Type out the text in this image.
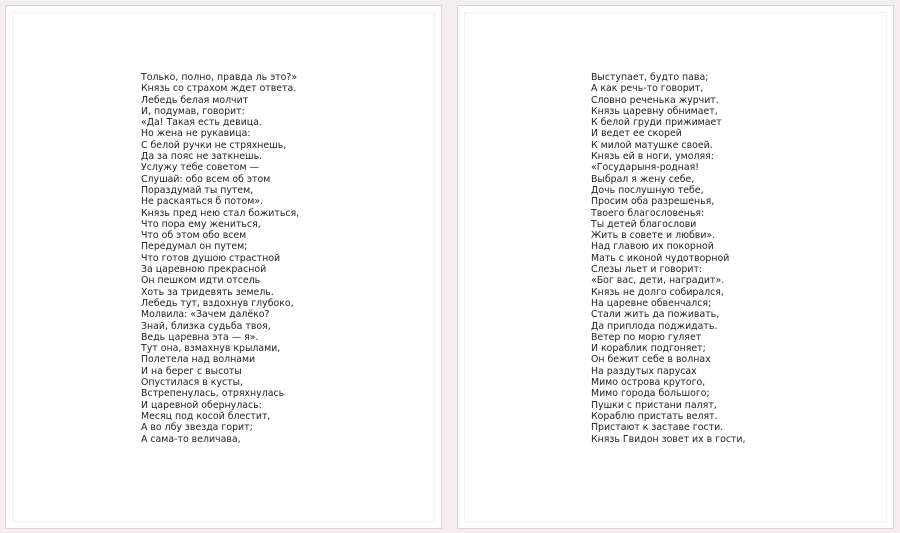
Только, полно, правда ль это?»
Князь со страхом ждет ответа.
Лебедь белая молчит
И, подумав, говорит:
«Да! Такая есть девица.
Но жена не рукавица:
С белой ручки не стряхнешь,
Да за пояс не заткнешь.
Услужу тебе советом —
Слушай: обо всем об этом
Пораздумай ты путем,
Не раскаяться б потом».
Князь пред нею стал божиться,
Что пора ему жениться,
Что об этом обо всем
Передумал он путем;
Что готов душою страстной
За царевною прекрасной
Он пешком идти отсель
Хоть за тридевять земель.
Лебедь тут, вздохнув глубоко,
Молвила: «Зачем далёко?
Знай, близка судьба твоя,
Ведь царевна эта — я».
Тут она, взмахнув крылами,
Полетела над волнами
И на берег с высоты
Опустилася в кусты,
Встрепенулась, отряхнулась
И царевной обернулась:
Месяц под косой блестит,
А во лбу звезда горит;
А сама-то величава,
Выступает, будто пава;
А как речь-то говорит,
Словно реченька журчит.
Князь царевну обнимает,
К белой груди прижимает
И ведет ее скорей
К милой матушке своей.
Князь ей в ноги, умоляя:
«Государыня-родная!
Выбрал я жену себе,
Дочь послушную тебе,
Просим оба разрешенья,
Твоего благословенья:
Ты детей благослови
Жить в совете и любви».
Над главою их покорной
Мать с иконой чудотворной
Слезы льет и говорит:
«Бог вас, дети, наградит».
Князь не долго собирался,
На царевне обвенчался;
Стали жить да поживать,
Да приплода поджидать.
Ветер по морю гуляет
И кораблик подгоняет;
Он бежит себе в волнах
На раздутых парусах
Мимо острова крутого,
Мимо города большого;
Пушки с пристани палят,
Кораблю пристать велят.
Пристают к заставе гости.
Князь Гвидон зовет их в гости,
